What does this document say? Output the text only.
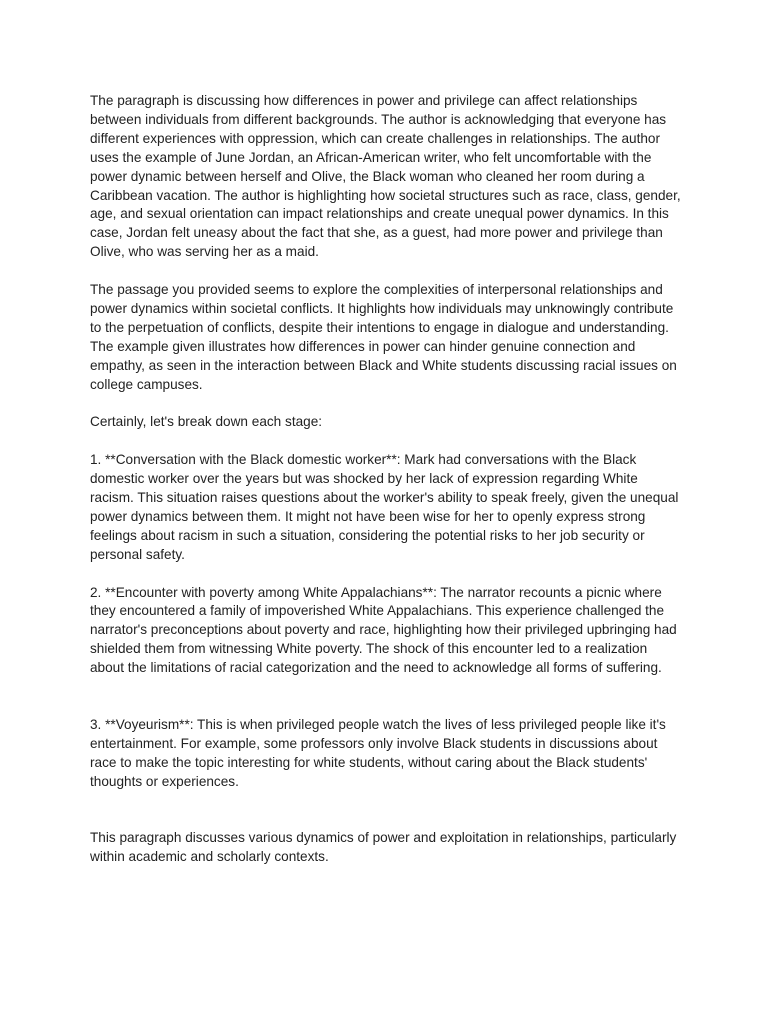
The paragraph is discussing how differences in power and privilege can affect relationships between individuals from different backgrounds. The author is acknowledging that everyone has different experiences with oppression, which can create challenges in relationships. The author uses the example of June Jordan, an African-American writer, who felt uncomfortable with the power dynamic between herself and Olive, the Black woman who cleaned her room during a Caribbean vacation. The author is highlighting how societal structures such as race, class, gender, age, and sexual orientation can impact relationships and create unequal power dynamics. In this case, Jordan felt uneasy about the fact that she, as a guest, had more power and privilege than Olive, who was serving her as a maid.

The passage you provided seems to explore the complexities of interpersonal relationships and power dynamics within societal conflicts. It highlights how individuals may unknowingly contribute to the perpetuation of conflicts, despite their intentions to engage in dialogue and understanding. The example given illustrates how differences in power can hinder genuine connection and empathy, as seen in the interaction between Black and White students discussing racial issues on college campuses.

Certainly, let's break down each stage:

1. **Conversation with the Black domestic worker**: Mark had conversations with the Black domestic worker over the years but was shocked by her lack of expression regarding White racism. This situation raises questions about the worker's ability to speak freely, given the unequal power dynamics between them. It might not have been wise for her to openly express strong feelings about racism in such a situation, considering the potential risks to her job security or personal safety.

2. **Encounter with poverty among White Appalachians**: The narrator recounts a picnic where they encountered a family of impoverished White Appalachians. This experience challenged the narrator's preconceptions about poverty and race, highlighting how their privileged upbringing had shielded them from witnessing White poverty. The shock of this encounter led to a realization about the limitations of racial categorization and the need to acknowledge all forms of suffering.

3. **Voyeurism**: This is when privileged people watch the lives of less privileged people like it's entertainment. For example, some professors only involve Black students in discussions about race to make the topic interesting for white students, without caring about the Black students' thoughts or experiences.

This paragraph discusses various dynamics of power and exploitation in relationships, particularly within academic and scholarly contexts.
